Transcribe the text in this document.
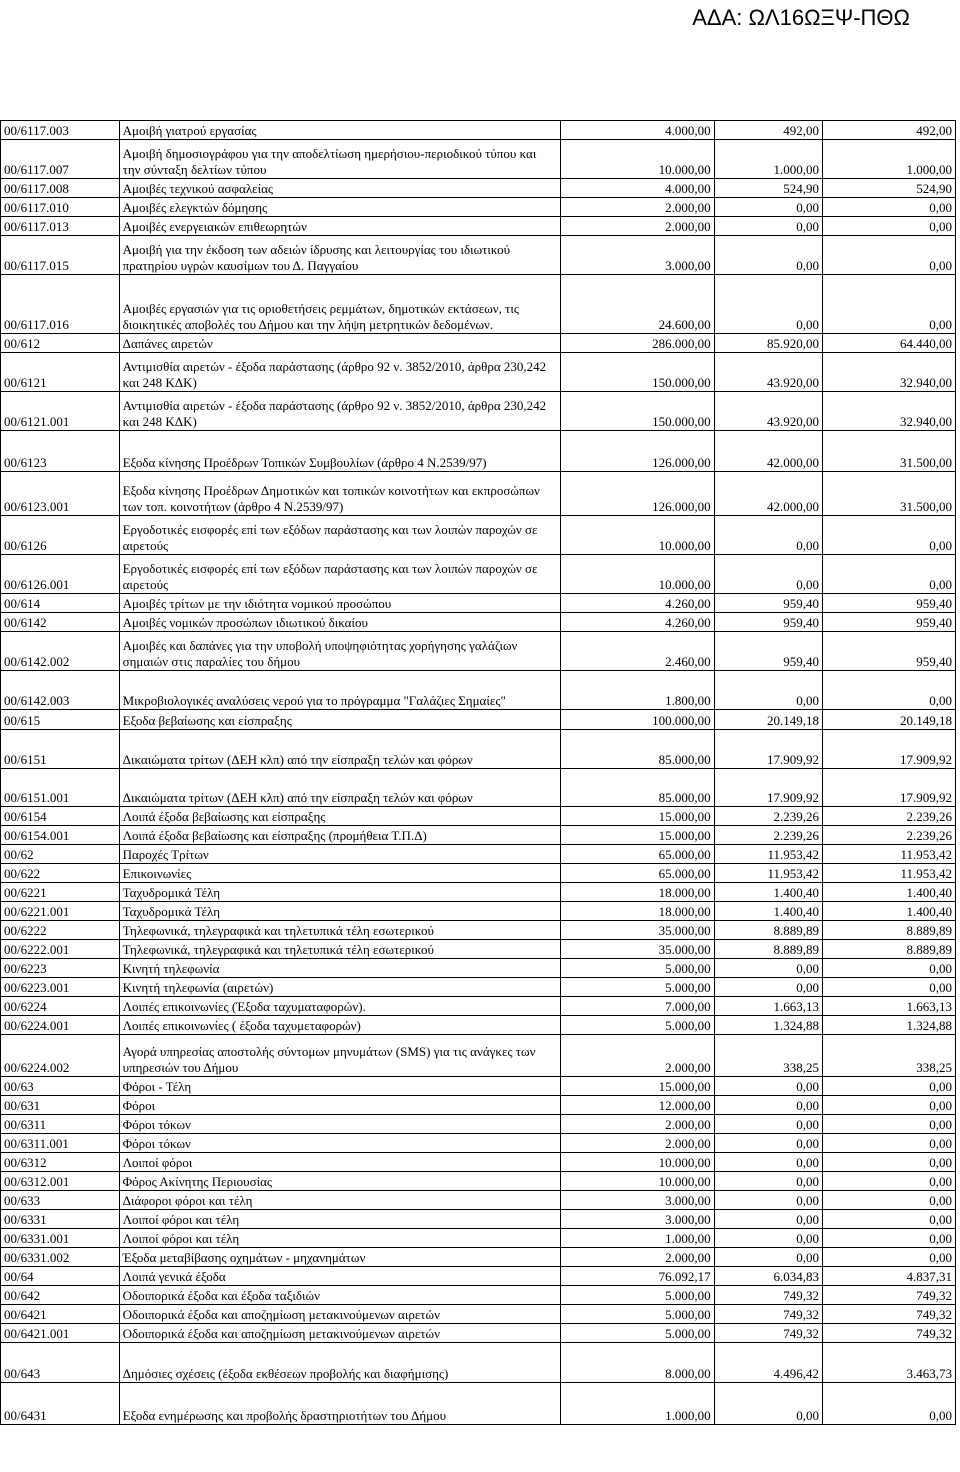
ΑΔΑ: ΩΛ16ΩΞΨ-ΠΘΩ
00/6117.003	Αμοιβή γιατρού εργασίας	4.000,00	492,00	492,00
00/6117.007	Αμοιβή δημοσιογράφου για την αποδελτίωση ημερήσιου-περιοδικού τύπου και την σύνταξη δελτίων τύπου	10.000,00	1.000,00	1.000,00
00/6117.008	Αμοιβές τεχνικού ασφαλείας	4.000,00	524,90	524,90
00/6117.010	Αμοιβές ελεγκτών δόμησης	2.000,00	0,00	0,00
00/6117.013	Αμοιβές ενεργειακών επιθεωρητών	2.000,00	0,00	0,00
00/6117.015	Αμοιβή για την έκδοση των αδειών ίδρυσης και λειτουργίας του ιδιωτικού πρατηρίου υγρών καυσίμων του Δ. Παγγαίου	3.000,00	0,00	0,00
00/6117.016	Αμοιβές εργασιών για τις οριοθετήσεις ρεμμάτων, δημοτικών εκτάσεων, τις διοικητικές αποβολές του Δήμου και την λήψη μετρητικών δεδομένων.	24.600,00	0,00	0,00
00/612	Δαπάνες αιρετών	286.000,00	85.920,00	64.440,00
00/6121	Αντιμισθία αιρετών - έξοδα παράστασης (άρθρο 92 ν. 3852/2010, άρθρα 230,242 και 248 ΚΔΚ)	150.000,00	43.920,00	32.940,00
00/6121.001	Αντιμισθία αιρετών - έξοδα παράστασης (άρθρο 92 ν. 3852/2010, άρθρα 230,242 και 248 ΚΔΚ)	150.000,00	43.920,00	32.940,00
00/6123	Εξοδα κίνησης Προέδρων Τοπικών Συμβουλίων (άρθρο 4 Ν.2539/97)	126.000,00	42.000,00	31.500,00
00/6123.001	Εξοδα κίνησης Προέδρων Δημοτικών και τοπικών κοινοτήτων και εκπροσώπων των τοπ. κοινοτήτων (άρθρο 4 Ν.2539/97)	126.000,00	42.000,00	31.500,00
00/6126	Εργοδοτικές εισφορές επί των εξόδων παράστασης και των λοιπών παροχών σε αιρετούς	10.000,00	0,00	0,00
00/6126.001	Εργοδοτικές εισφορές επί των εξόδων παράστασης και των λοιπών παροχών σε αιρετούς	10.000,00	0,00	0,00
00/614	Αμοιβές τρίτων με την ιδιότητα νομικού προσώπου	4.260,00	959,40	959,40
00/6142	Αμοιβές νομικών προσώπων ιδιωτικού δικαίου	4.260,00	959,40	959,40
00/6142.002	Αμοιβές και δαπάνες για την υποβολή υποψηφιότητας χορήγησης γαλάζιων σημαιών στις παραλίες του δήμου	2.460,00	959,40	959,40
00/6142.003	Μικροβιολογικές αναλύσεις νερού για το πρόγραμμα "Γαλάζιες Σημαίες"	1.800,00	0,00	0,00
00/615	Εξοδα βεβαίωσης και είσπραξης	100.000,00	20.149,18	20.149,18
00/6151	Δικαιώματα τρίτων (ΔΕΗ κλπ) από την είσπραξη τελών και φόρων	85.000,00	17.909,92	17.909,92
00/6151.001	Δικαιώματα τρίτων (ΔΕΗ κλπ) από την είσπραξη τελών και φόρων	85.000,00	17.909,92	17.909,92
00/6154	Λοιπά έξοδα βεβαίωσης και είσπραξης	15.000,00	2.239,26	2.239,26
00/6154.001	Λοιπά έξοδα βεβαίωσης και είσπραξης (προμήθεια Τ.Π.Δ)	15.000,00	2.239,26	2.239,26
00/62	Παροχές Τρίτων	65.000,00	11.953,42	11.953,42
00/622	Επικοινωνίες	65.000,00	11.953,42	11.953,42
00/6221	Ταχυδρομικά Τέλη	18.000,00	1.400,40	1.400,40
00/6221.001	Ταχυδρομικά Τέλη	18.000,00	1.400,40	1.400,40
00/6222	Τηλεφωνικά, τηλεγραφικά και τηλετυπικά τέλη εσωτερικού	35.000,00	8.889,89	8.889,89
00/6222.001	Τηλεφωνικά, τηλεγραφικά και τηλετυπικά τέλη εσωτερικού	35.000,00	8.889,89	8.889,89
00/6223	Κινητή τηλεφωνία	5.000,00	0,00	0,00
00/6223.001	Κινητή τηλεφωνία (αιρετών)	5.000,00	0,00	0,00
00/6224	Λοιπές επικοινωνίες (Έξοδα ταχυματαφορών).	7.000,00	1.663,13	1.663,13
00/6224.001	Λοιπές επικοινωνίες ( έξοδα ταχυμεταφορών)	5.000,00	1.324,88	1.324,88
00/6224.002	Αγορά υπηρεσίας αποστολής σύντομων μηνυμάτων (SMS) για τις ανάγκες των υπηρεσιών του Δήμου	2.000,00	338,25	338,25
00/63	Φόροι - Τέλη	15.000,00	0,00	0,00
00/631	Φόροι	12.000,00	0,00	0,00
00/6311	Φόροι τόκων	2.000,00	0,00	0,00
00/6311.001	Φόροι τόκων	2.000,00	0,00	0,00
00/6312	Λοιποί φόροι	10.000,00	0,00	0,00
00/6312.001	Φόρος Ακίνητης Περιουσίας	10.000,00	0,00	0,00
00/633	Διάφοροι φόροι και τέλη	3.000,00	0,00	0,00
00/6331	Λοιποί φόροι και τέλη	3.000,00	0,00	0,00
00/6331.001	Λοιποί φόροι και τέλη	1.000,00	0,00	0,00
00/6331.002	Έξοδα μεταβίβασης οχημάτων - μηχανημάτων	2.000,00	0,00	0,00
00/64	Λοιπά γενικά έξοδα	76.092,17	6.034,83	4.837,31
00/642	Οδοιπορικά έξοδα και έξοδα ταξιδιών	5.000,00	749,32	749,32
00/6421	Οδοιπορικά έξοδα και αποζημίωση μετακινούμενων αιρετών	5.000,00	749,32	749,32
00/6421.001	Οδοιπορικά έξοδα και αποζημίωση μετακινούμενων αιρετών	5.000,00	749,32	749,32
00/643	Δημόσιες σχέσεις (έξοδα εκθέσεων προβολής και διαφήμισης)	8.000,00	4.496,42	3.463,73
00/6431	Εξοδα ενημέρωσης και προβολής δραστηριοτήτων του Δήμου	1.000,00	0,00	0,00
